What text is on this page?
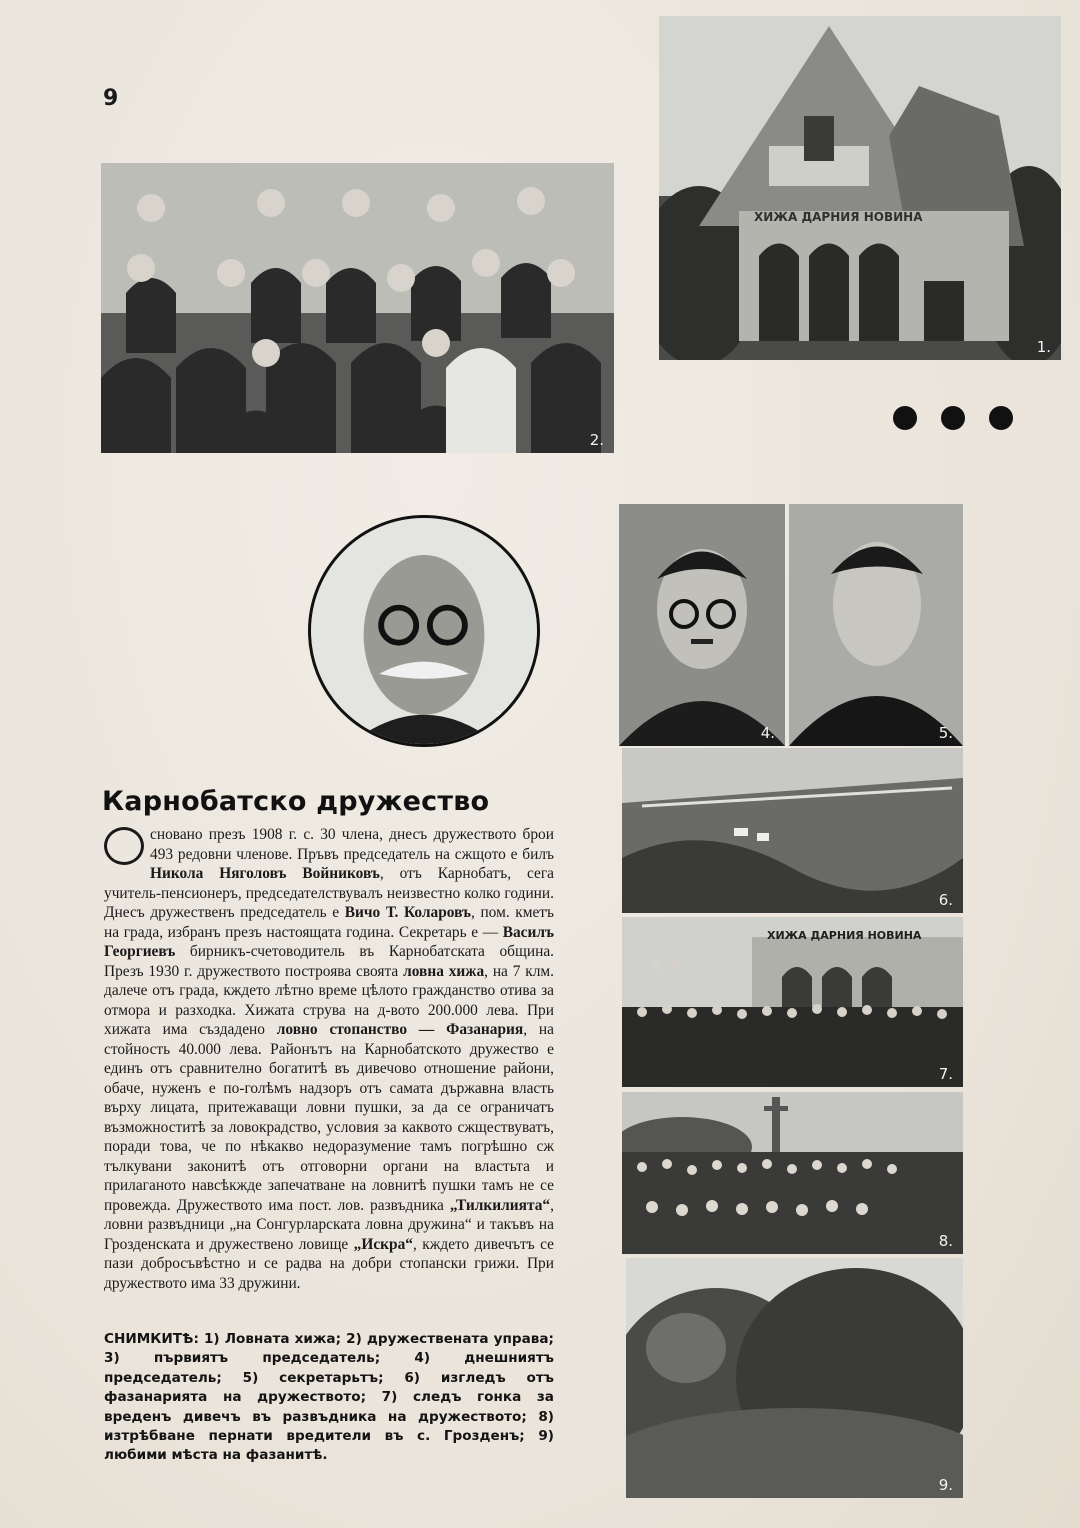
9
2.
ХИЖА ДАРНИЯ НОВИНА
1.
3.
4.	5.
6.
ХИЖА ДАРНИЯ НОВИНА
7.
8.
9.
Карнобатско дружество

сновано презъ 1908 г. с. 30 члена, днесъ дружеството брои 493 редовни членове. Пръвъ председатель на сжщото е билъ Никола Няголовъ Войниковъ, отъ Карнобатъ, сега учитель-пенсионеръ, председателствувалъ неизвестно колко години. Днесъ дружественъ председатель е Вичо Т. Коларовъ, пом. кметъ на града, избранъ презъ настоящата година. Секретарь е — Василъ Георгиевъ бирникъ-счетоводитель въ Карнобатската община. Презъ 1930 г. дружеството построява своята ловна хижа, на 7 клм. далече отъ града, кждето лѣтно време цѣлото гражданство отива за отмора и разходка. Хижата струва на д-вото 200.000 лева. При хижата има създадено ловно стопанство — Фазанария, на стойность 40.000 лева. Районътъ на Карнобатското дружество е единъ отъ сравнително богатитѣ въ дивечово отношение райони, обаче, нуженъ е по-голѣмъ надзоръ отъ самата държавна власть върху лицата, притежаващи ловни пушки, за да се ограничатъ възможноститѣ за ловокрадство, условия за каквото сжществуватъ, поради това, че по нѣкакво недоразумение тамъ погрѣшно сж тълкувани законитѣ отъ отговорни органи на властьта и прилаганото навсѣкжде запечатване на ловнитѣ пушки тамъ не се провежда. Дружеството има пост. лов. развъдника „Тилкилията“, ловни развъдници „на Сонгурларската ловна дружина“ и такъвъ на Грозденската и дружествено ловище „Искра“, кждето дивечътъ се пази добросъвѣстно и се радва на добри стопански грижи. При дружеството има 33 дружини.

СНИМКИТѢ: 1) Ловната хижа; 2) дружествената управа; 3) първиятъ председатель; 4) днешниятъ председатель; 5) секретарьтъ; 6) изгледъ отъ фазанарията на дружеството; 7) следъ гонка за вреденъ дивечъ въ развъдника на дружеството; 8) изтрѣбване пернати вредители въ с. Грозденъ; 9) любими мѣста на фазанитѣ.
